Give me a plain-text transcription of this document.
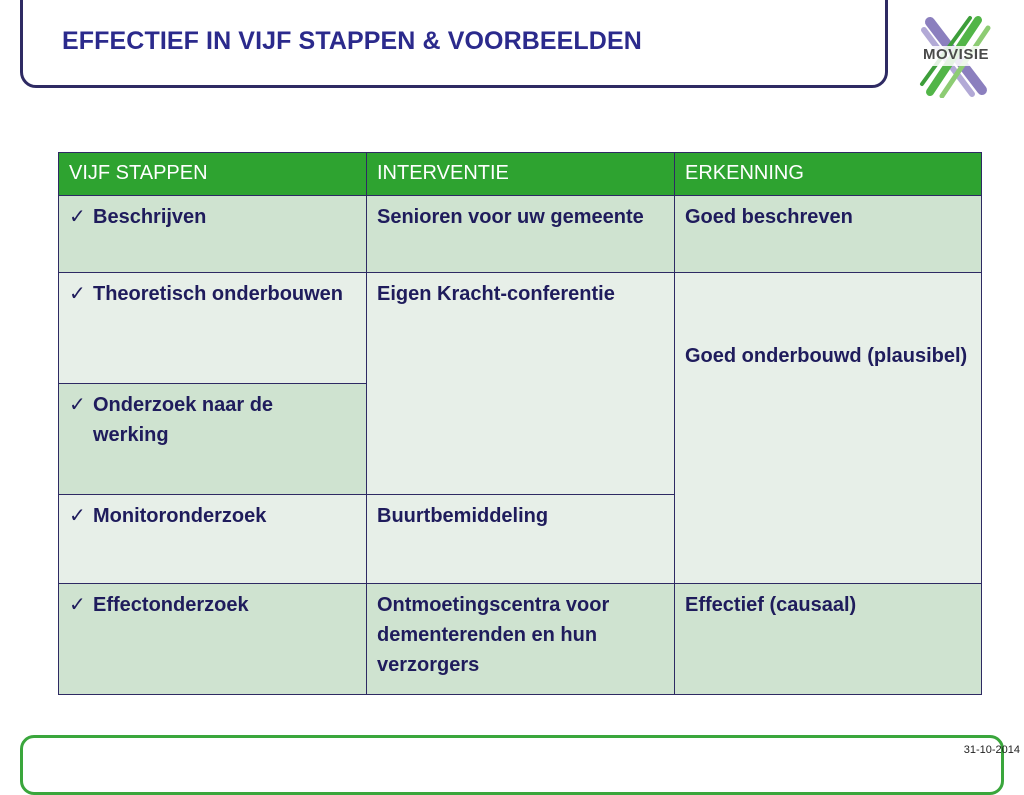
EFFECTIEF IN VIJF STAPPEN & VOORBEELDEN	MOVISIE
VIJF STAPPEN	INTERVENTIE	ERKENNING
✓ Beschrijven	Senioren voor uw gemeente	Goed beschreven
✓ Theoretisch onderbouwen	Eigen Kracht-conferentie	Goed onderbouwd (plausibel)
✓ Onderzoek naar de werking		
✓ Monitoronderzoek	Buurtbemiddeling	
✓ Effectonderzoek	Ontmoetingscentra voor dementerenden en hun verzorgers	Effectief (causaal)
31-10-2014
